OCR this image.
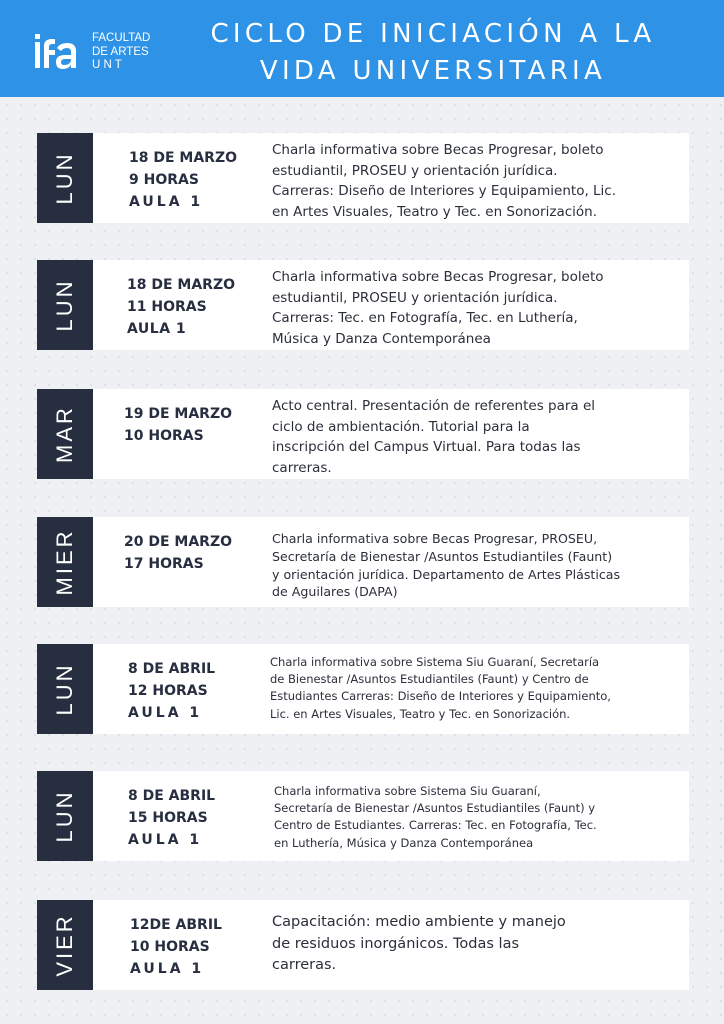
FACULTAD
DE ARTES
U N T
CICLO DE INICIACIÓN A LA
VIDA UNIVERSITARIA
LUN	18 DE MARZO
9 HORAS
AULA 1
Charla informativa sobre Becas Progresar, boleto
estudiantil, PROSEU y orientación jurídica.
Carreras: Diseño de Interiores y Equipamiento, Lic.
en Artes Visuales, Teatro y Tec. en Sonorización.
LUN	18 DE MARZO
11 HORAS
AULA 1
Charla informativa sobre Becas Progresar, boleto
estudiantil, PROSEU y orientación jurídica.
Carreras: Tec. en Fotografía, Tec. en Luthería,
Música y Danza Contemporánea
MAR	19 DE MARZO
10 HORAS
Acto central. Presentación de referentes para el
ciclo de ambientación. Tutorial para la
inscripción del Campus Virtual. Para todas las
carreras.
MIER	20 DE MARZO
17 HORAS
Charla informativa sobre Becas Progresar, PROSEU,
Secretaría de Bienestar /Asuntos Estudiantiles (Faunt)
y orientación jurídica. Departamento de Artes Plásticas
de Aguilares (DAPA)
LUN	8 DE ABRIL
12 HORAS
AULA 1
Charla informativa sobre Sistema Siu Guaraní, Secretaría
de Bienestar /Asuntos Estudiantiles (Faunt) y Centro de
Estudiantes Carreras: Diseño de Interiores y Equipamiento,
Lic. en Artes Visuales, Teatro y Tec. en Sonorización.
LUN	8 DE ABRIL
15 HORAS
AULA 1
Charla informativa sobre Sistema Siu Guaraní,
Secretaría de Bienestar /Asuntos Estudiantiles (Faunt) y
Centro de Estudiantes. Carreras: Tec. en Fotografía, Tec.
en Luthería, Música y Danza Contemporánea
VIER	12DE ABRIL
10 HORAS
AULA 1
Capacitación: medio ambiente y manejo
de residuos inorgánicos. Todas las
carreras.
